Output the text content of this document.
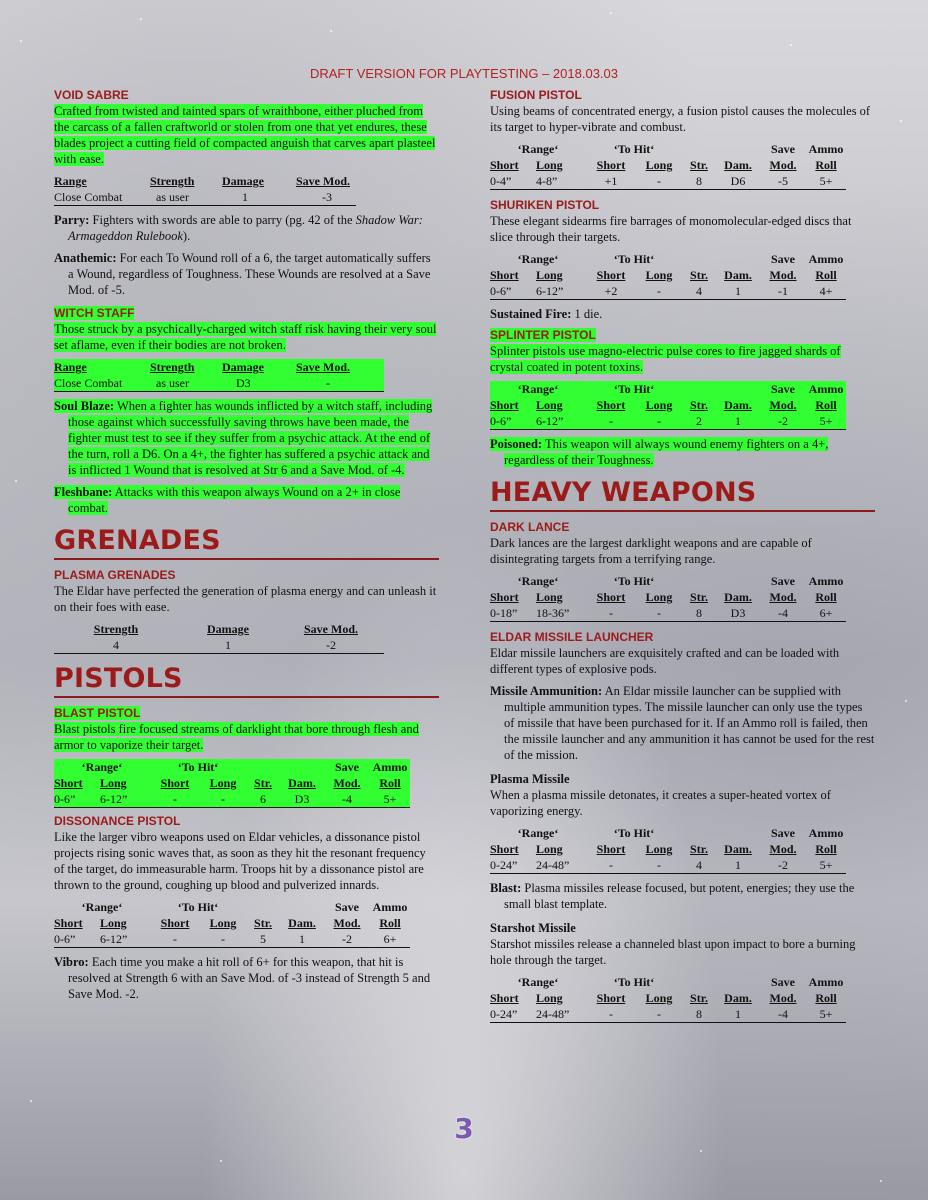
DRAFT VERSION FOR PLAYTESTING – 2018.03.03
VOID SABRE

Crafted from twisted and tainted spars of wraithbone, either pluched from the carcass of a fallen craftworld or stolen from one that yet endures, these blades project a cutting field of compacted anguish that carves apart plasteel with ease.

Range	Strength	Damage	Save Mod.
Close Combat	as user	1	-3

Parry: Fighters with swords are able to parry (pg. 42 of the Shadow War: Armageddon Rulebook).

Anathemic: For each To Wound roll of a 6, the target automatically suffers a Wound, regardless of Toughness. These Wounds are resolved at a Save Mod. of -5.

WITCH STAFF

Those struck by a psychically-charged witch staff risk having their very soul set aflame, even if their bodies are not broken.

Range	Strength	Damage	Save Mod.
Close Combat	as user	D3	-

Soul Blaze: When a fighter has wounds inflicted by a witch staff, including those against which successfully saving throws have been made, the fighter must test to see if they suffer from a psychic attack. At the end of the turn, roll a D6. On a 4+, the fighter has suffered a psychic attack and is inflicted 1 Wound that is resolved at Str 6 and a Save Mod. of -4.

Fleshbane: Attacks with this weapon always Wound on a 2+ in close combat.

GRENADES
PLASMA GRENADES

The Eldar have perfected the generation of plasma energy and can unleash it on their foes with ease.

Strength	Damage	Save Mod.
4	1	-2
PISTOLS
BLAST PISTOL

Blast pistols fire focused streams of darklight that bore through flesh and armor to vaporize their target.

‘Range‘		‘To Hit‘				Save	Ammo
Short	Long	Short	Long	Str.	Dam.	Mod.	Roll
0-6”	6-12”	-	-	6	D3	-4	5+
DISSONANCE PISTOL

Like the larger vibro weapons used on Eldar vehicles, a dissonance pistol projects rising sonic waves that, as soon as they hit the resonant frequency of the target, do immeasurable harm. Troops hit by a dissonance pistol are thrown to the ground, coughing up blood and pulverized innards.

‘Range‘		‘To Hit‘				Save	Ammo
Short	Long	Short	Long	Str.	Dam.	Mod.	Roll
0-6”	6-12”	-	-	5	1	-2	6+

Vibro: Each time you make a hit roll of 6+ for this weapon, that hit is resolved at Strength 6 with an Save Mod. of -3 instead of Strength 5 and Save Mod. -2.

FUSION PISTOL

Using beams of concentrated energy, a fusion pistol causes the molecules of its target to hyper-vibrate and combust.

‘Range‘		‘To Hit‘				Save	Ammo
Short	Long	Short	Long	Str.	Dam.	Mod.	Roll
0-4”	4-8”	+1	-	8	D6	-5	5+
SHURIKEN PISTOL

These elegant sidearms fire barrages of monomolecular-edged discs that slice through their targets.

‘Range‘		‘To Hit‘				Save	Ammo
Short	Long	Short	Long	Str.	Dam.	Mod.	Roll
0-6”	6-12”	+2	-	4	1	-1	4+

Sustained Fire: 1 die.

SPLINTER PISTOL

Splinter pistols use magno-electric pulse cores to fire jagged shards of crystal coated in potent toxins.

‘Range‘		‘To Hit‘				Save	Ammo
Short	Long	Short	Long	Str.	Dam.	Mod.	Roll
0-6”	6-12”	-	-	2	1	-2	5+

Poisoned: This weapon will always wound enemy fighters on a 4+, regardless of their Toughness.

HEAVY WEAPONS
DARK LANCE

Dark lances are the largest darklight weapons and are capable of disintegrating targets from a terrifying range.

‘Range‘		‘To Hit‘				Save	Ammo
Short	Long	Short	Long	Str.	Dam.	Mod.	Roll
0-18”	18-36”	-	-	8	D3	-4	6+
ELDAR MISSILE LAUNCHER

Eldar missile launchers are exquisitely crafted and can be loaded with different types of explosive pods.

Missile Ammunition: An Eldar missile launcher can be supplied with multiple ammunition types. The missile launcher can only use the types of missile that have been purchased for it. If an Ammo roll is failed, then the missile launcher and any ammunition it has cannot be used for the rest of the mission.

Plasma Missile

When a plasma missile detonates, it creates a super-heated vortex of vaporizing energy.

‘Range‘		‘To Hit‘				Save	Ammo
Short	Long	Short	Long	Str.	Dam.	Mod.	Roll
0-24”	24-48”	-	-	4	1	-2	5+

Blast: Plasma missiles release focused, but potent, energies; they use the small blast template.

Starshot Missile

Starshot missiles release a channeled blast upon impact to bore a burning hole through the target.

‘Range‘		‘To Hit‘				Save	Ammo
Short	Long	Short	Long	Str.	Dam.	Mod.	Roll
0-24”	24-48”	-	-	8	1	-4	5+
3
